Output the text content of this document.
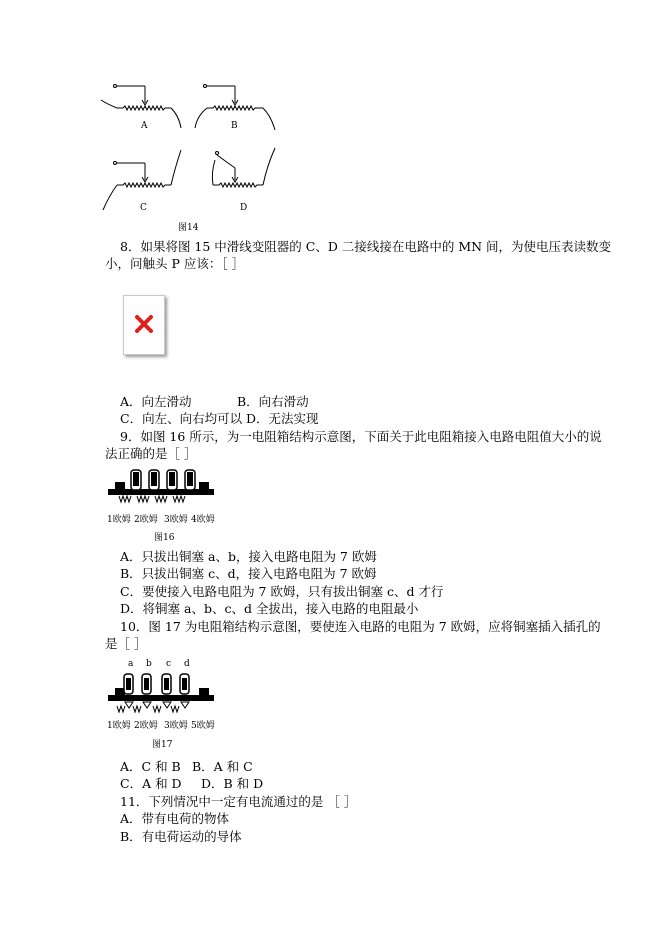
A	B
C	D
图14
8．如果将图 15 中滑线变阻器的 C、D 二接线接在电路中的 MN 间，为使电压表读数变
小，问触头 P 应该：［ ］
A．向左滑动	B．向右滑动
C．向左、向右均可以 D．无法实现
9．如图 16 所示，为一电阻箱结构示意图，下面关于此电阻箱接入电路电阻值大小的说
法正确的是［ ］
1欧姆 2欧姆 3欧姆 4欧姆
图16
A．只拔出铜塞 a、b，接入电路电阻为 7 欧姆
B．只拔出铜塞 c、d，接入电路电阻为 7 欧姆
C．要使接入电路电阻为 7 欧姆，只有拔出铜塞 c、d 才行
D．将铜塞 a、b、c、d 全拔出，接入电路的电阻最小
10．图 17 为电阻箱结构示意图，要使连入电路的电阻为 7 欧姆，应将铜塞插入插孔的
是［ ］
a b c d
1欧姆 2欧姆 3欧姆 5欧姆
图17
A．C 和 B B．A 和 C
C．A 和 D D．B 和 D
11．下列情况中一定有电流通过的是 ［ ］
A．带有电荷的物体
B．有电荷运动的导体
